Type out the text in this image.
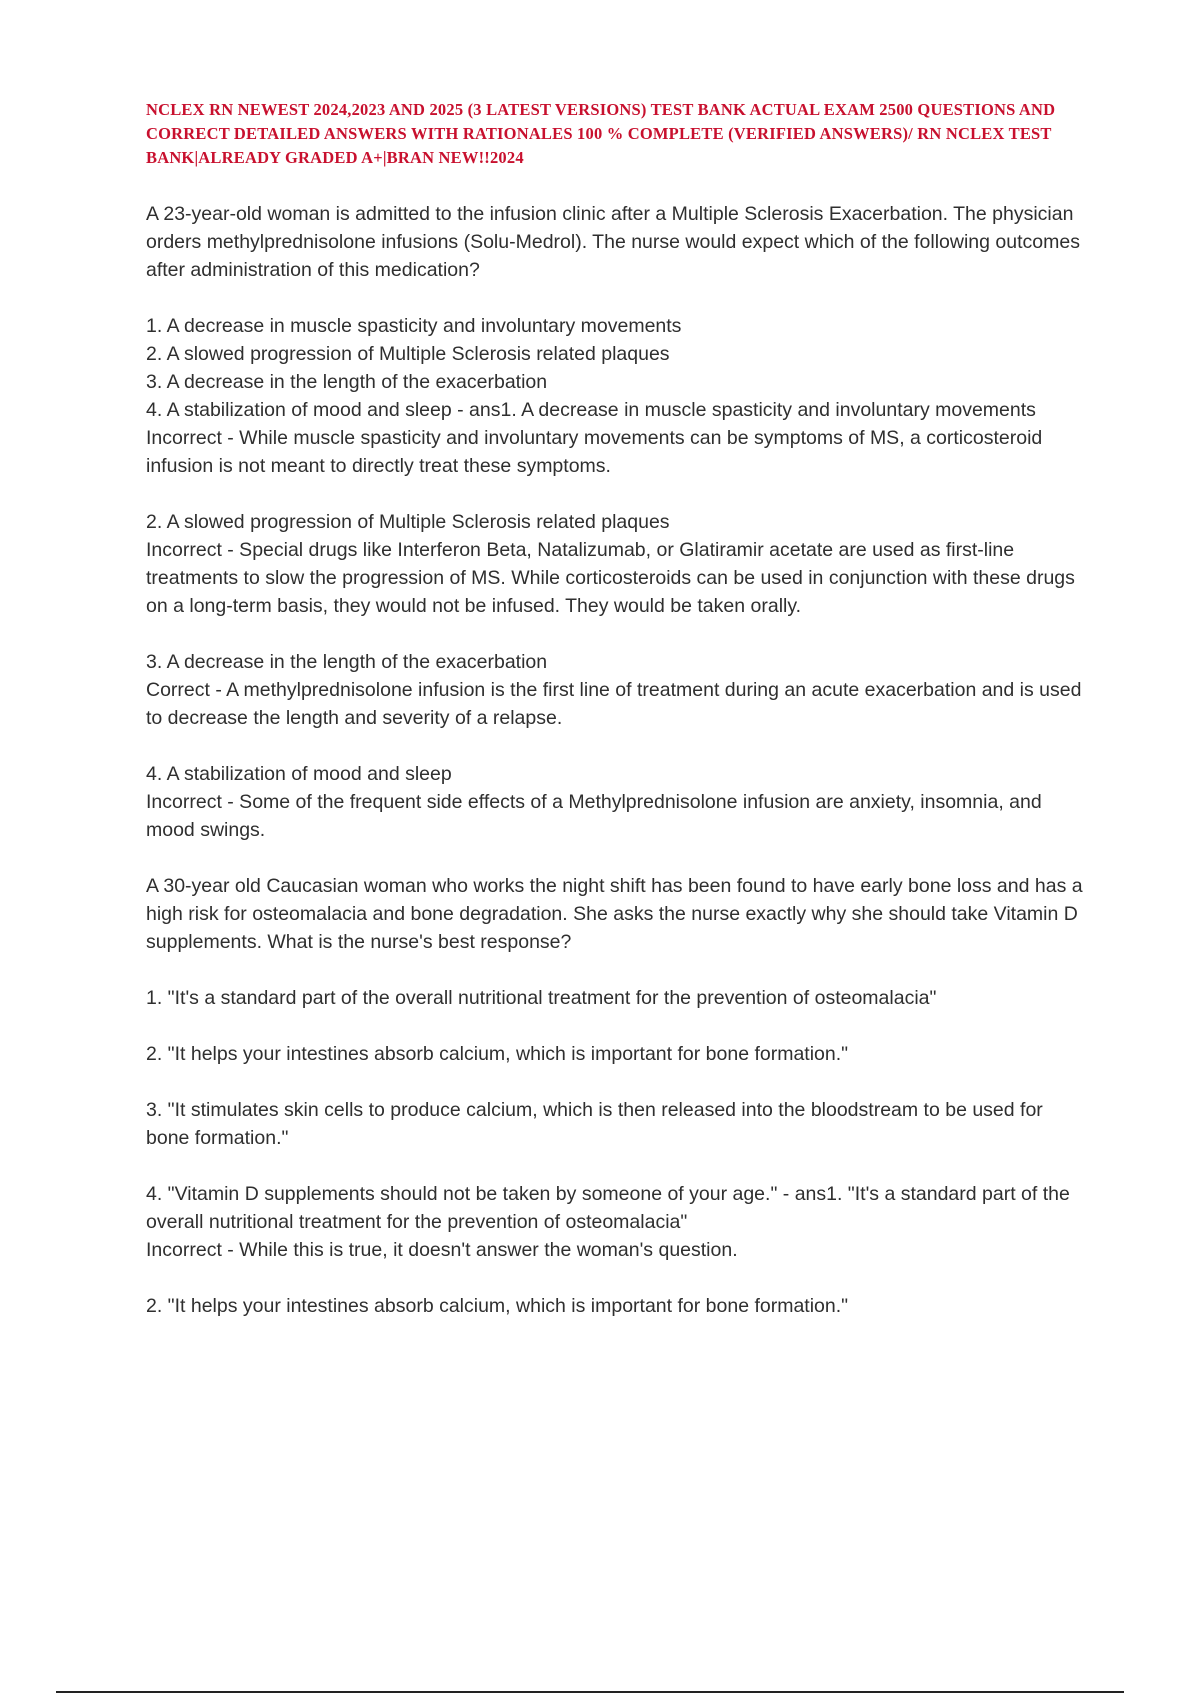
NCLEX RN NEWEST 2024,2023 AND 2025 (3 LATEST VERSIONS) TEST BANK ACTUAL EXAM 2500 QUESTIONS AND CORRECT DETAILED ANSWERS WITH RATIONALES 100 % COMPLETE (VERIFIED ANSWERS)/ RN NCLEX TEST BANK|ALREADY GRADED A+|BRAN NEW!!2024

A 23-year-old woman is admitted to the infusion clinic after a Multiple Sclerosis Exacerbation. The physician orders methylprednisolone infusions (Solu-Medrol). The nurse would expect which of the following outcomes after administration of this medication?

1. A decrease in muscle spasticity and involuntary movements

2. A slowed progression of Multiple Sclerosis related plaques

3. A decrease in the length of the exacerbation

4. A stabilization of mood and sleep - ans1. A decrease in muscle spasticity and involuntary movements

Incorrect - While muscle spasticity and involuntary movements can be symptoms of MS, a corticosteroid infusion is not meant to directly treat these symptoms.

2. A slowed progression of Multiple Sclerosis related plaques

Incorrect - Special drugs like Interferon Beta, Natalizumab, or Glatiramir acetate are used as first-line treatments to slow the progression of MS. While corticosteroids can be used in conjunction with these drugs on a long-term basis, they would not be infused. They would be taken orally.

3. A decrease in the length of the exacerbation

Correct - A methylprednisolone infusion is the first line of treatment during an acute exacerbation and is used to decrease the length and severity of a relapse.

4. A stabilization of mood and sleep

Incorrect - Some of the frequent side effects of a Methylprednisolone infusion are anxiety, insomnia, and mood swings.

A 30-year old Caucasian woman who works the night shift has been found to have early bone loss and has a high risk for osteomalacia and bone degradation. She asks the nurse exactly why she should take Vitamin D supplements. What is the nurse's best response?

1. "It's a standard part of the overall nutritional treatment for the prevention of osteomalacia"

2. "It helps your intestines absorb calcium, which is important for bone formation."

3. "It stimulates skin cells to produce calcium, which is then released into the bloodstream to be used for bone formation."

4. "Vitamin D supplements should not be taken by someone of your age." - ans1. "It's a standard part of the overall nutritional treatment for the prevention of osteomalacia"

Incorrect - While this is true, it doesn't answer the woman's question.

2. "It helps your intestines absorb calcium, which is important for bone formation."
